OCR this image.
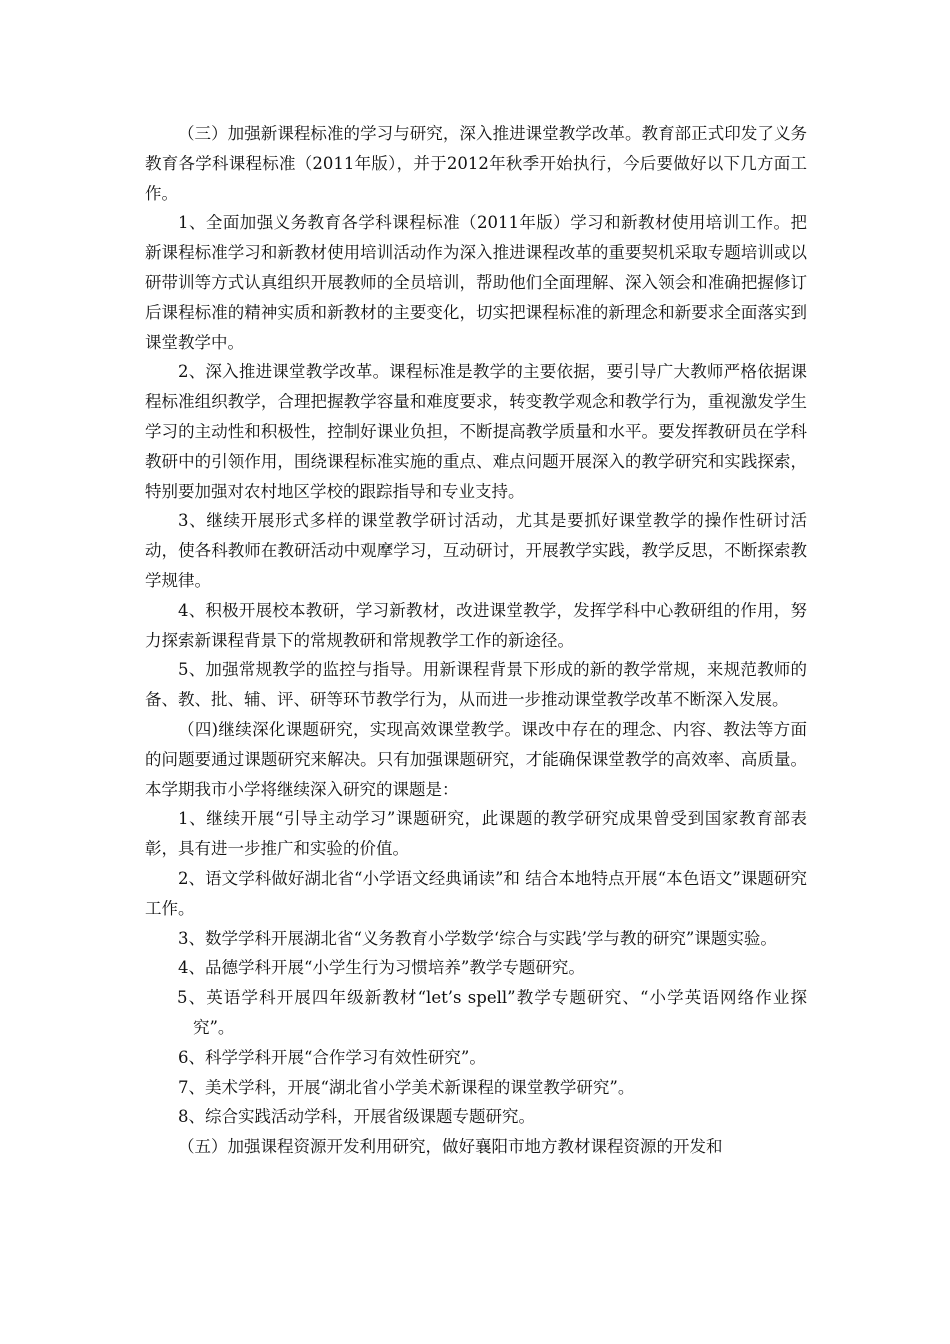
（三）加强新课程标准的学习与研究，深入推进课堂教学改革。教育部正式印发了义务教育各学科课程标准（2011年版），并于2012年秋季开始执行，今后要做好以下几方面工作。

1、全面加强义务教育各学科课程标准（2011年版）学习和新教材使用培训工作。把新课程标准学习和新教材使用培训活动作为深入推进课程改革的重要契机采取专题培训或以研带训等方式认真组织开展教师的全员培训，帮助他们全面理解、深入领会和准确把握修订后课程标准的精神实质和新教材的主要变化，切实把课程标准的新理念和新要求全面落实到课堂教学中。

2、深入推进课堂教学改革。课程标准是教学的主要依据，要引导广大教师严格依据课程标准组织教学，合理把握教学容量和难度要求，转变教学观念和教学行为，重视激发学生学习的主动性和积极性，控制好课业负担，不断提高教学质量和水平。要发挥教研员在学科教研中的引领作用，围绕课程标准实施的重点、难点问题开展深入的教学研究和实践探索，特别要加强对农村地区学校的跟踪指导和专业支持。

3、继续开展形式多样的课堂教学研讨活动，尤其是要抓好课堂教学的操作性研讨活动，使各科教师在教研活动中观摩学习，互动研讨，开展教学实践，教学反思，不断探索教学规律。

4、积极开展校本教研，学习新教材，改进课堂教学，发挥学科中心教研组的作用，努力探索新课程背景下的常规教研和常规教学工作的新途径。

5、加强常规教学的监控与指导。用新课程背景下形成的新的教学常规，来规范教师的备、教、批、辅、评、研等环节教学行为，从而进一步推动课堂教学改革不断深入发展。

（四)继续深化课题研究，实现高效课堂教学。课改中存在的理念、内容、教法等方面的问题要通过课题研究来解决。只有加强课题研究，才能确保课堂教学的高效率、高质量。本学期我市小学将继续深入研究的课题是：

1、继续开展“引导主动学习”课题研究，此课题的教学研究成果曾受到国家教育部表彰，具有进一步推广和实验的价值。

2、语文学科做好湖北省“小学语文经典诵读”和 结合本地特点开展“本色语文”课题研究工作。

3、数学学科开展湖北省“义务教育小学数学‘综合与实践’学与教的研究”课题实验。

4、品德学科开展“小学生行为习惯培养”教学专题研究。

5、英语学科开展四年级新教材“let’s spell”教学专题研究、“小学英语网络作业探究”。

6、科学学科开展“合作学习有效性研究”。

7、美术学科，开展“湖北省小学美术新课程的课堂教学研究”。

8、综合实践活动学科，开展省级课题专题研究。

（五）加强课程资源开发利用研究，做好襄阳市地方教材课程资源的开发和
